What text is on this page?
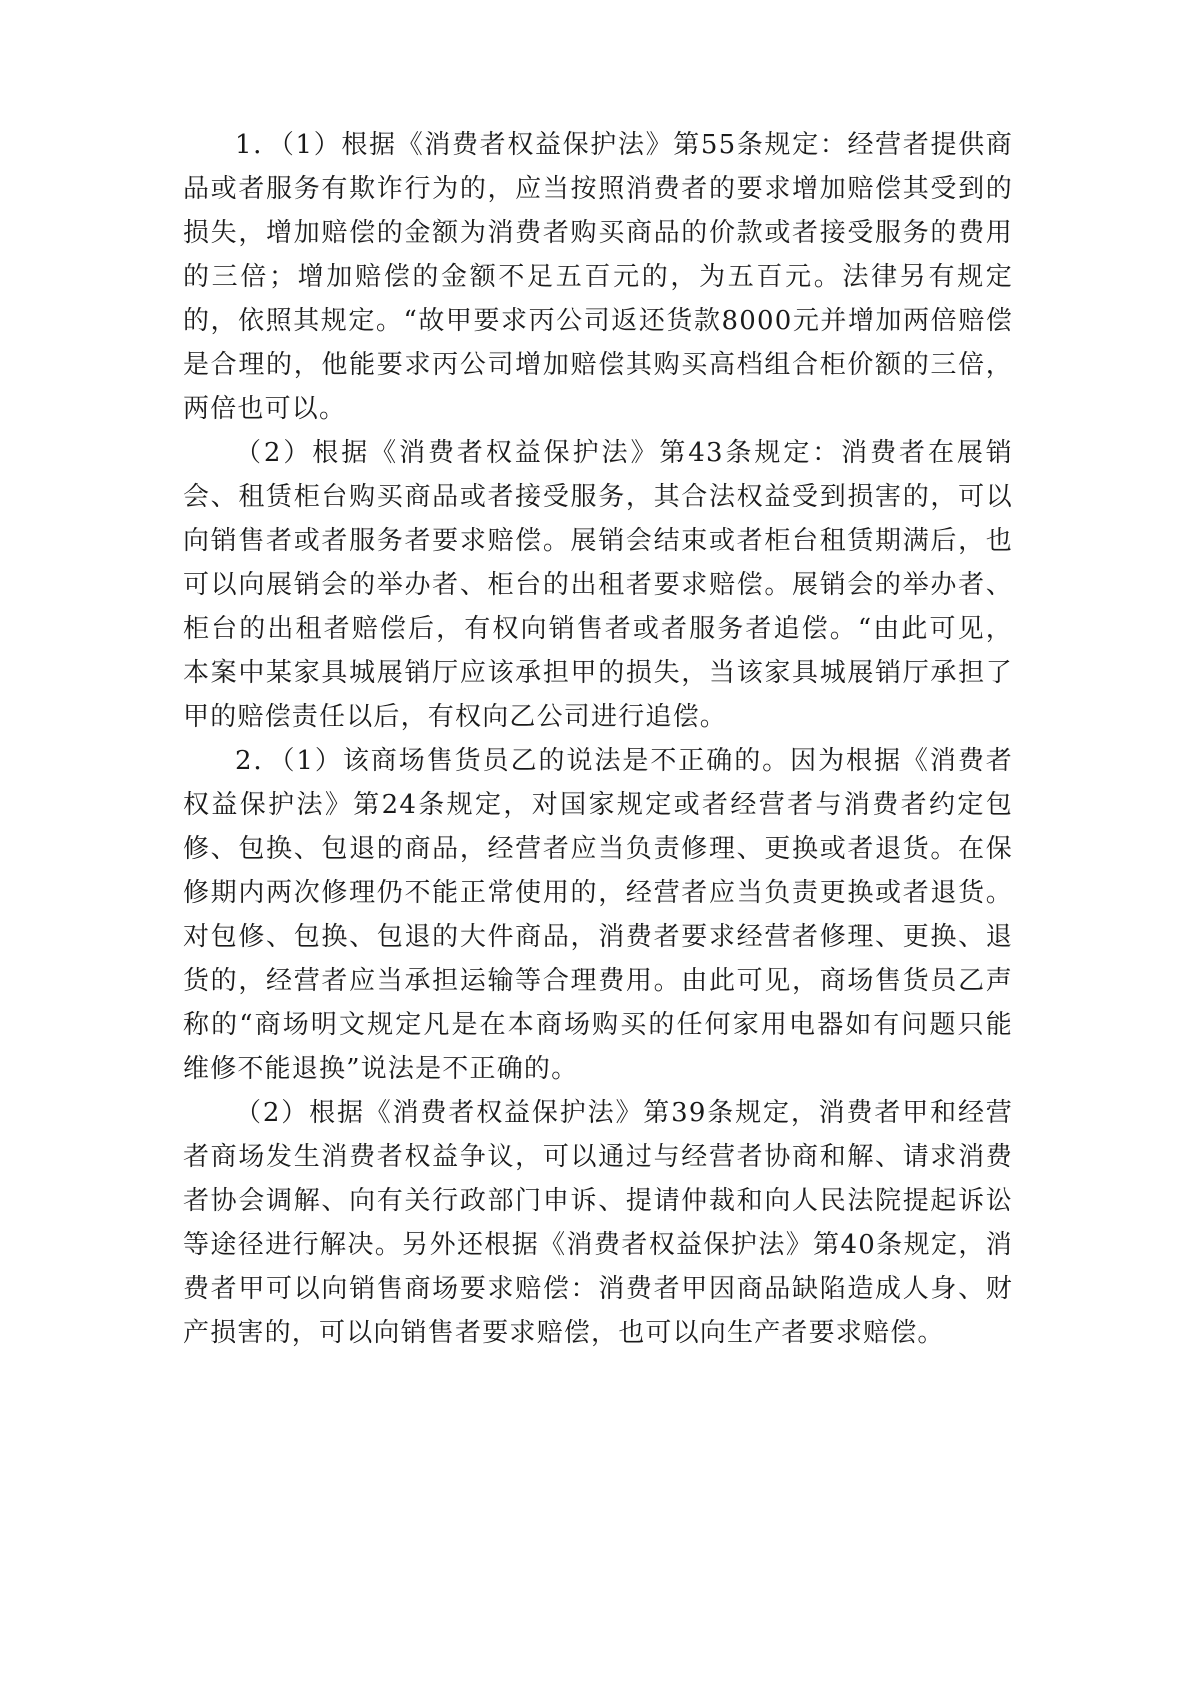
1．（1）根据《消费者权益保护法》第55条规定：经营者提供商品或者服务有欺诈行为的，应当按照消费者的要求增加赔偿其受到的损失，增加赔偿的金额为消费者购买商品的价款或者接受服务的费用的三倍；增加赔偿的金额不足五百元的，为五百元。法律另有规定的，依照其规定。“故甲要求丙公司返还货款8000元并增加两倍赔偿是合理的，他能要求丙公司增加赔偿其购买高档组合柜价额的三倍，两倍也可以。

（2）根据《消费者权益保护法》第43条规定：消费者在展销会、租赁柜台购买商品或者接受服务，其合法权益受到损害的，可以向销售者或者服务者要求赔偿。展销会结束或者柜台租赁期满后，也可以向展销会的举办者、柜台的出租者要求赔偿。展销会的举办者、柜台的出租者赔偿后，有权向销售者或者服务者追偿。“由此可见，本案中某家具城展销厅应该承担甲的损失，当该家具城展销厅承担了甲的赔偿责任以后，有权向乙公司进行追偿。

2．（1）该商场售货员乙的说法是不正确的。因为根据《消费者权益保护法》第24条规定，对国家规定或者经营者与消费者约定包修、包换、包退的商品，经营者应当负责修理、更换或者退货。在保修期内两次修理仍不能正常使用的，经营者应当负责更换或者退货。对包修、包换、包退的大件商品，消费者要求经营者修理、更换、退货的，经营者应当承担运输等合理费用。由此可见，商场售货员乙声称的“商场明文规定凡是在本商场购买的任何家用电器如有问题只能维修不能退换”说法是不正确的。

（2）根据《消费者权益保护法》第39条规定，消费者甲和经营者商场发生消费者权益争议，可以通过与经营者协商和解、请求消费者协会调解、向有关行政部门申诉、提请仲裁和向人民法院提起诉讼等途径进行解决。另外还根据《消费者权益保护法》第40条规定，消费者甲可以向销售商场要求赔偿：消费者甲因商品缺陷造成人身、财产损害的，可以向销售者要求赔偿，也可以向生产者要求赔偿。
